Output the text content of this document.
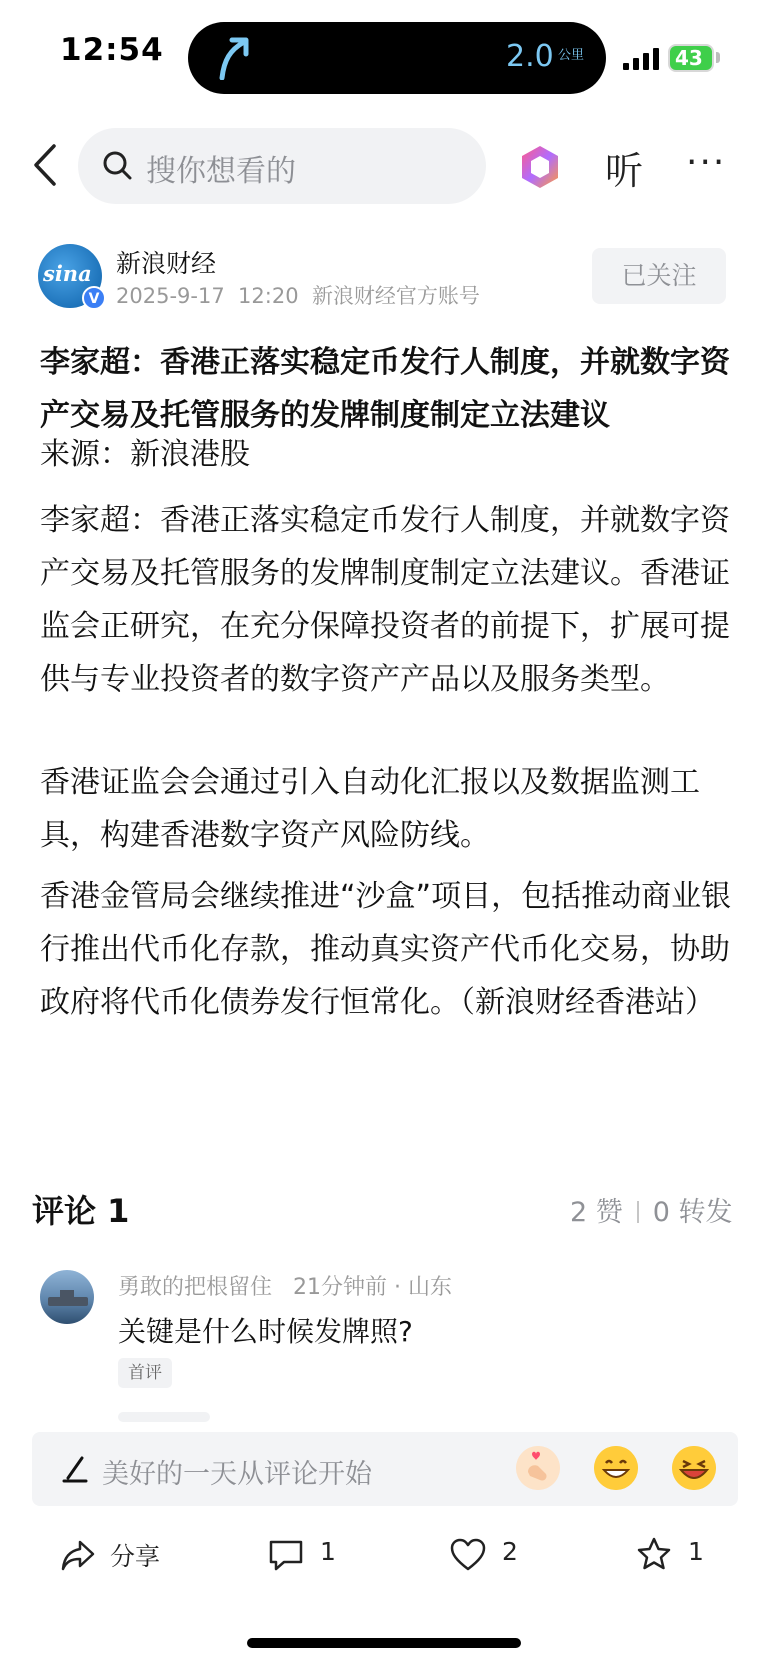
12:54	2.0 公里	43
搜你想看的	听 ···
sina
V
新浪财经
2025-9-17 12:20 新浪财经官方账号
已关注
李家超：香港正落实稳定币发行人制度，并就数字资产交易及托管服务的发牌制度制定立法建议
来源：新浪港股
李家超：香港正落实稳定币发行人制度，并就数字资产交易及托管服务的发牌制度制定立法建议。香港证监会正研究，在充分保障投资者的前提下，扩展可提供与专业投资者的数字资产产品以及服务类型。
香港证监会会通过引入自动化汇报以及数据监测工具，构建香港数字资产风险防线。
香港金管局会继续推进“沙盒”项目，包括推动商业银行推出代币化存款，推动真实资产代币化交易，协助政府将代币化债券发行恒常化。（新浪财经香港站）
评论 1	2 赞 0 转发
勇敢的把根留住 21分钟前 · 山东
关键是什么时候发牌照?
首评
美好的一天从评论开始
分享	1	2	1
